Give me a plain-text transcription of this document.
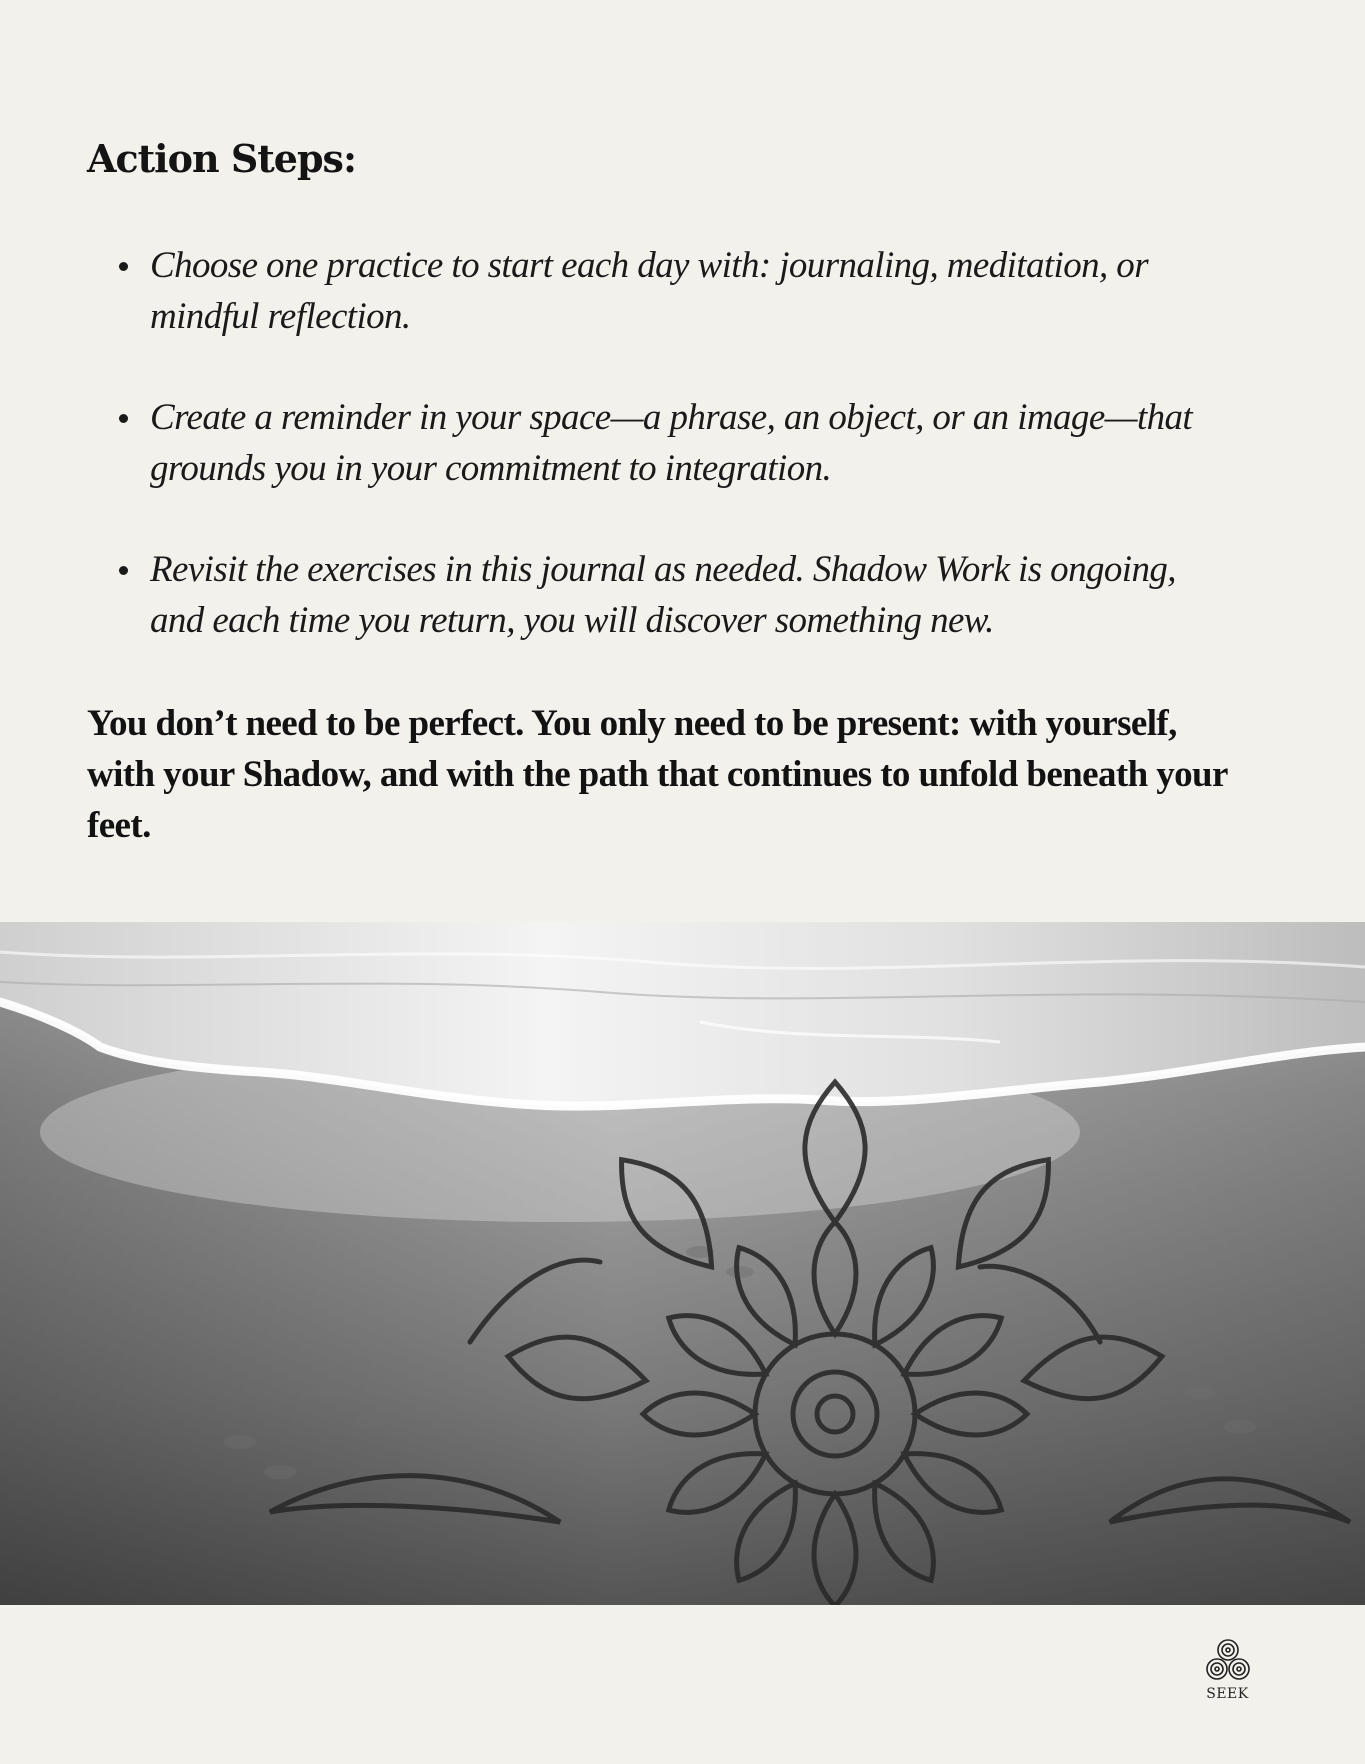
Action Steps:
Choose one practice to start each day with: journaling, meditation, or mindful reflection.
Create a reminder in your space—a phrase, an object, or an image—that grounds you in your commitment to integration.
Revisit the exercises in this journal as needed. Shadow Work is ongoing, and each time you return, you will discover something new.

You don’t need to be perfect. You only need to be present: with yourself, with your Shadow, and with the path that continues to unfold beneath your feet.

SEEK
